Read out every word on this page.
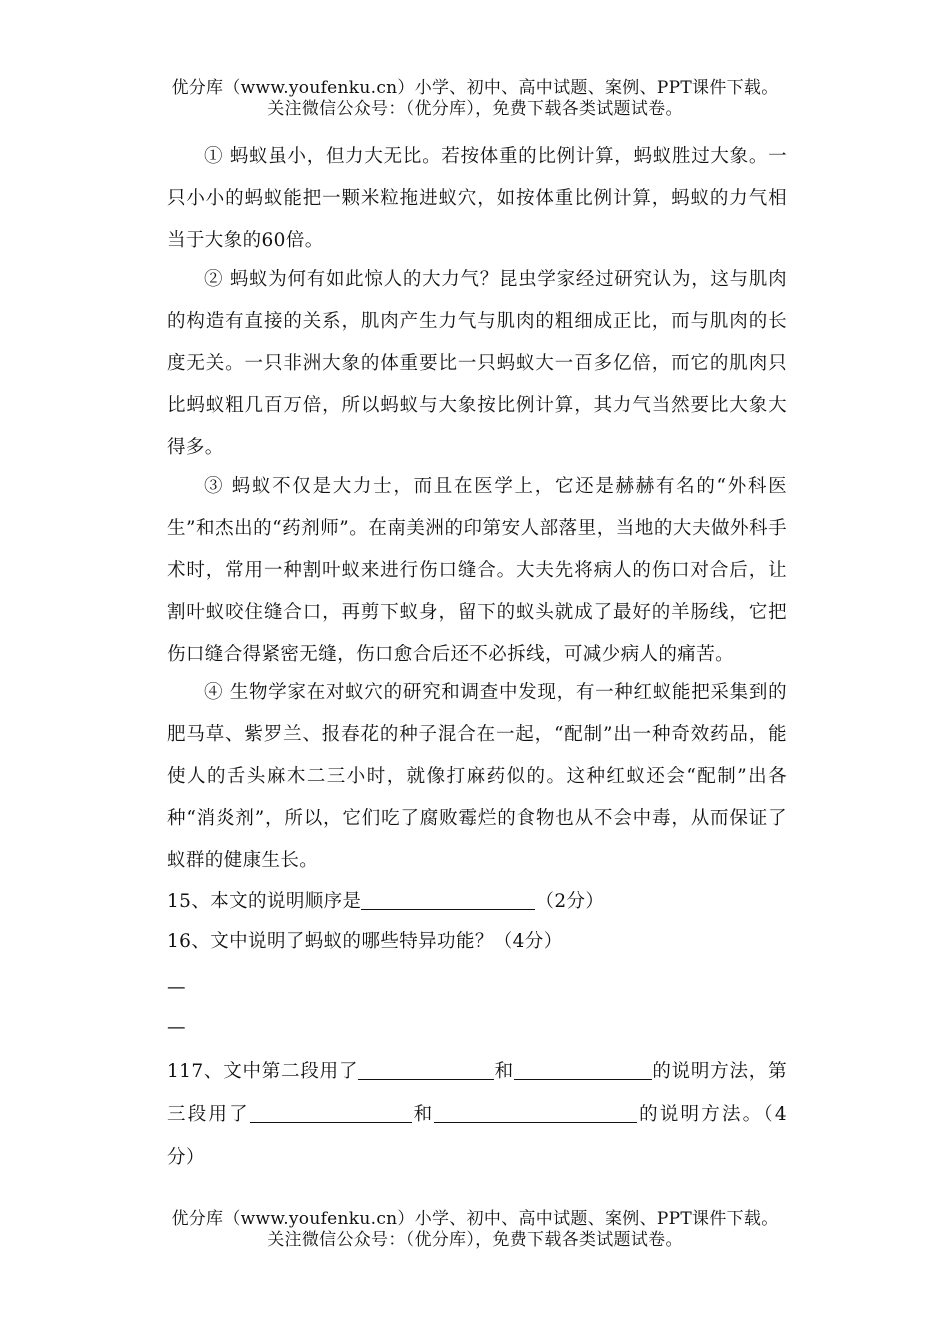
优分库（www.youfenku.cn）小学、初中、高中试题、案例、PPT课件下载。
关注微信公众号：（优分库），免费下载各类试题试卷。

① 蚂蚁虽小，但力大无比。若按体重的比例计算，蚂蚁胜过大象。一只小小的蚂蚁能把一颗米粒拖进蚁穴，如按体重比例计算，蚂蚁的力气相当于大象的60倍。

② 蚂蚁为何有如此惊人的大力气？昆虫学家经过研究认为，这与肌肉的构造有直接的关系，肌肉产生力气与肌肉的粗细成正比，而与肌肉的长度无关。一只非洲大象的体重要比一只蚂蚁大一百多亿倍，而它的肌肉只比蚂蚁粗几百万倍，所以蚂蚁与大象按比例计算，其力气当然要比大象大得多。

③ 蚂蚁不仅是大力士，而且在医学上，它还是赫赫有名的“外科医生”和杰出的“药剂师”。在南美洲的印第安人部落里，当地的大夫做外科手术时，常用一种割叶蚁来进行伤口缝合。大夫先将病人的伤口对合后，让割叶蚁咬住缝合口，再剪下蚁身，留下的蚁头就成了最好的羊肠线，它把伤口缝合得紧密无缝，伤口愈合后还不必拆线，可减少病人的痛苦。

④ 生物学家在对蚁穴的研究和调查中发现，有一种红蚁能把采集到的肥马草、紫罗兰、报春花的种子混合在一起，“配制”出一种奇效药品，能使人的舌头麻木二三小时，就像打麻药似的。这种红蚁还会“配制”出各种“消炎剂”，所以，它们吃了腐败霉烂的食物也从不会中毒，从而保证了蚁群的健康生长。

15、本文的说明顺序是	（2分）

16、文中说明了蚂蚁的哪些特异功能？（4分）

—

—

117、文中第二段用了	和	的说明方法，第三段用了	和	的说明方法。（4分）

优分库（www.youfenku.cn）小学、初中、高中试题、案例、PPT课件下载。
关注微信公众号：（优分库），免费下载各类试题试卷。
